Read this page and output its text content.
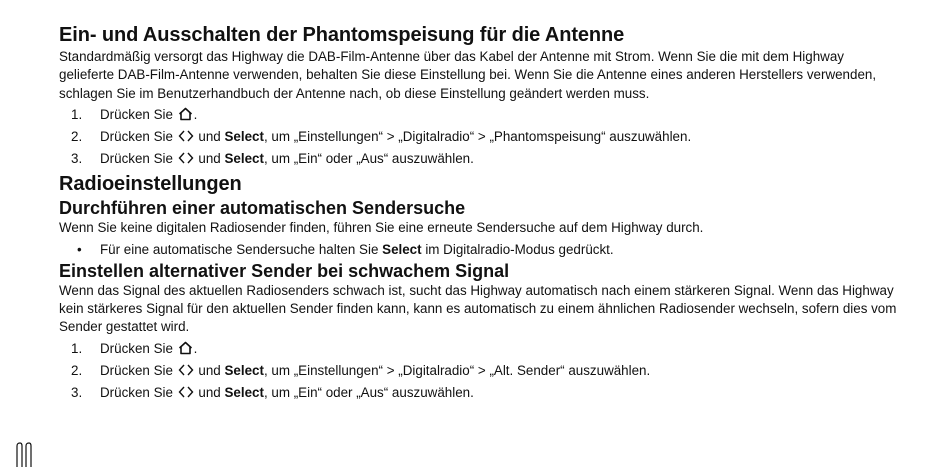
Ein- und Ausschalten der Phantomspeisung für die Antenne

Standardmäßig versorgt das Highway die DAB-Film-Antenne über das Kabel der Antenne mit Strom. Wenn Sie die mit dem Highway gelieferte DAB-Film-Antenne verwenden, behalten Sie diese Einstellung bei. Wenn Sie die Antenne eines anderen Herstellers verwenden, schlagen Sie im Benutzerhandbuch der Antenne nach, ob diese Einstellung geändert werden muss.

1. Drücken Sie .
2. Drücken Sie und Select, um „Einstellungen“ > „Digitalradio“ > „Phantomspeisung“ auszuwählen.
3. Drücken Sie und Select, um „Ein“ oder „Aus“ auszuwählen.
Radioeinstellungen
Durchführen einer automatischen Sendersuche

Wenn Sie keine digitalen Radiosender finden, führen Sie eine erneute Sendersuche auf dem Highway durch.

• Für eine automatische Sendersuche halten Sie Select im Digitalradio-Modus gedrückt.
Einstellen alternativer Sender bei schwachem Signal

Wenn das Signal des aktuellen Radiosenders schwach ist, sucht das Highway automatisch nach einem stärkeren Signal. Wenn das Highway kein stärkeres Signal für den aktuellen Sender finden kann, kann es automatisch zu einem ähnlichen Radiosender wechseln, sofern dies vom Sender gestattet wird.

1. Drücken Sie .
2. Drücken Sie und Select, um „Einstellungen“ > „Digitalradio“ > „Alt. Sender“ auszuwählen.
3. Drücken Sie und Select, um „Ein“ oder „Aus“ auszuwählen.
